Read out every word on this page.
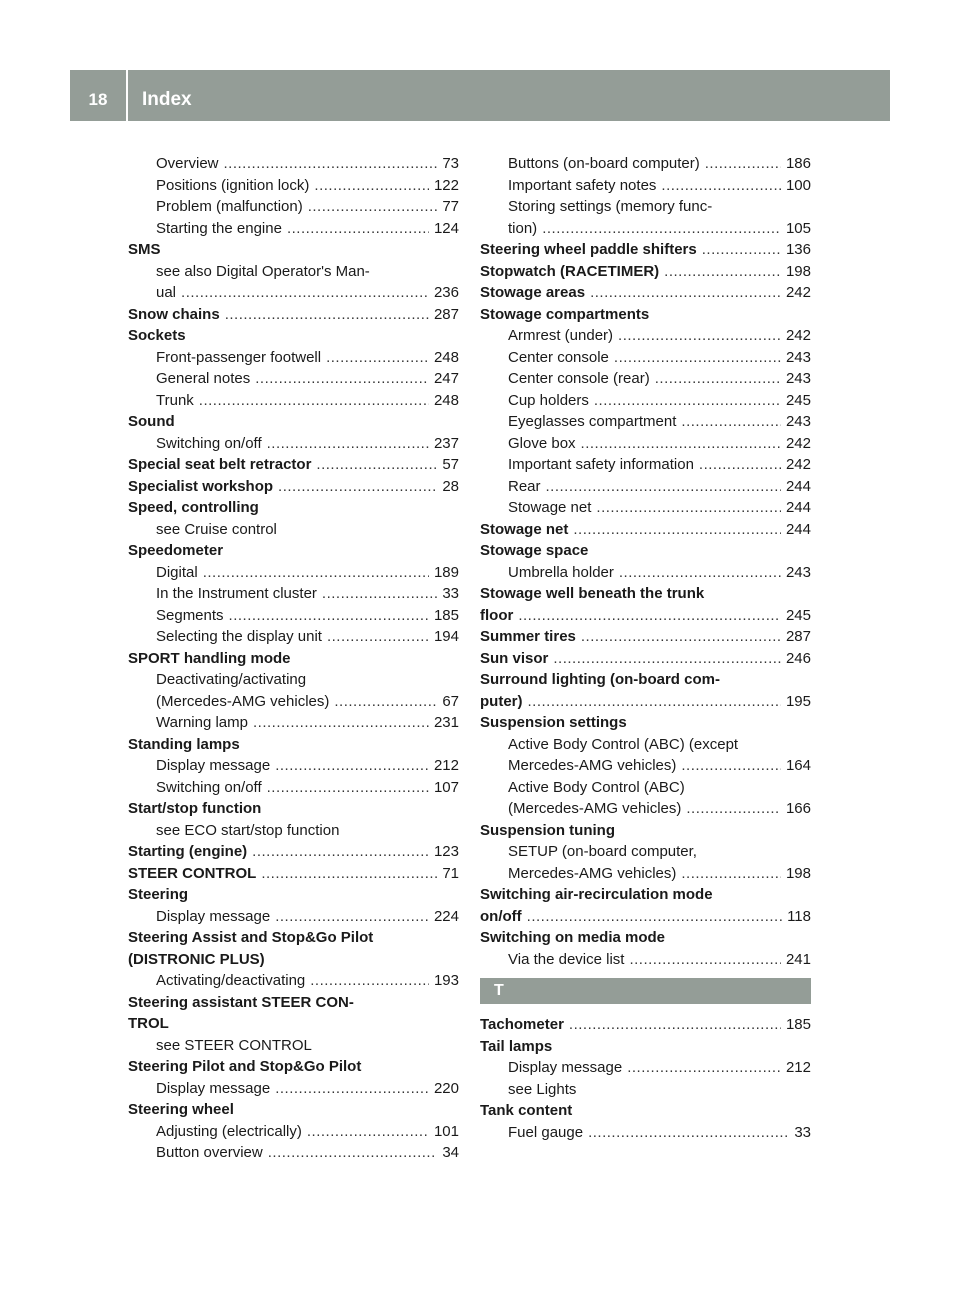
18	Index
Overview .....	73
Positions (ignition lock) .....	122
Problem (malfunction) .....	77
Starting the engine .....	124
SMS
see also Digital Operator's Man-
ual .....	236
Snow chains .....	287
Sockets
Front-passenger footwell .....	248
General notes .....	247
Trunk .....	248
Sound
Switching on/off .....	237
Special seat belt retractor .....	57
Specialist workshop .....	28
Speed, controlling
see Cruise control
Speedometer
Digital .....	189
In the Instrument cluster .....	33
Segments .....	185
Selecting the display unit .....	194
SPORT handling mode
Deactivating/activating
(Mercedes-AMG vehicles) .....	67
Warning lamp .....	231
Standing lamps
Display message .....	212
Switching on/off .....	107
Start/stop function
see ECO start/stop function
Starting (engine) .....	123
STEER CONTROL .....	71
Steering
Display message .....	224
Steering Assist and Stop&Go Pilot
(DISTRONIC PLUS)
Activating/deactivating .....	193
Steering assistant STEER CON-
TROL
see STEER CONTROL
Steering Pilot and Stop&Go Pilot
Display message .....	220
Steering wheel
Adjusting (electrically) .....	101
Button overview .....	34
Buttons (on-board computer) .....	186
Important safety notes .....	100
Storing settings (memory func-
tion) .....	105
Steering wheel paddle shifters .....	136
Stopwatch (RACETIMER) .....	198
Stowage areas .....	242
Stowage compartments
Armrest (under) .....	242
Center console .....	243
Center console (rear) .....	243
Cup holders .....	245
Eyeglasses compartment .....	243
Glove box .....	242
Important safety information .....	242
Rear .....	244
Stowage net .....	244
Stowage net .....	244
Stowage space
Umbrella holder .....	243
Stowage well beneath the trunk
floor .....	245
Summer tires .....	287
Sun visor .....	246
Surround lighting (on-board com-
puter) .....	195
Suspension settings
Active Body Control (ABC) (except
Mercedes-AMG vehicles) .....	164
Active Body Control (ABC)
(Mercedes-AMG vehicles) .....	166
Suspension tuning
SETUP (on-board computer,
Mercedes-AMG vehicles) .....	198
Switching air-recirculation mode
on/off .....	118
Switching on media mode
Via the device list .....	241
T
Tachometer .....	185
Tail lamps
Display message .....	212
see Lights
Tank content
Fuel gauge .....	33
